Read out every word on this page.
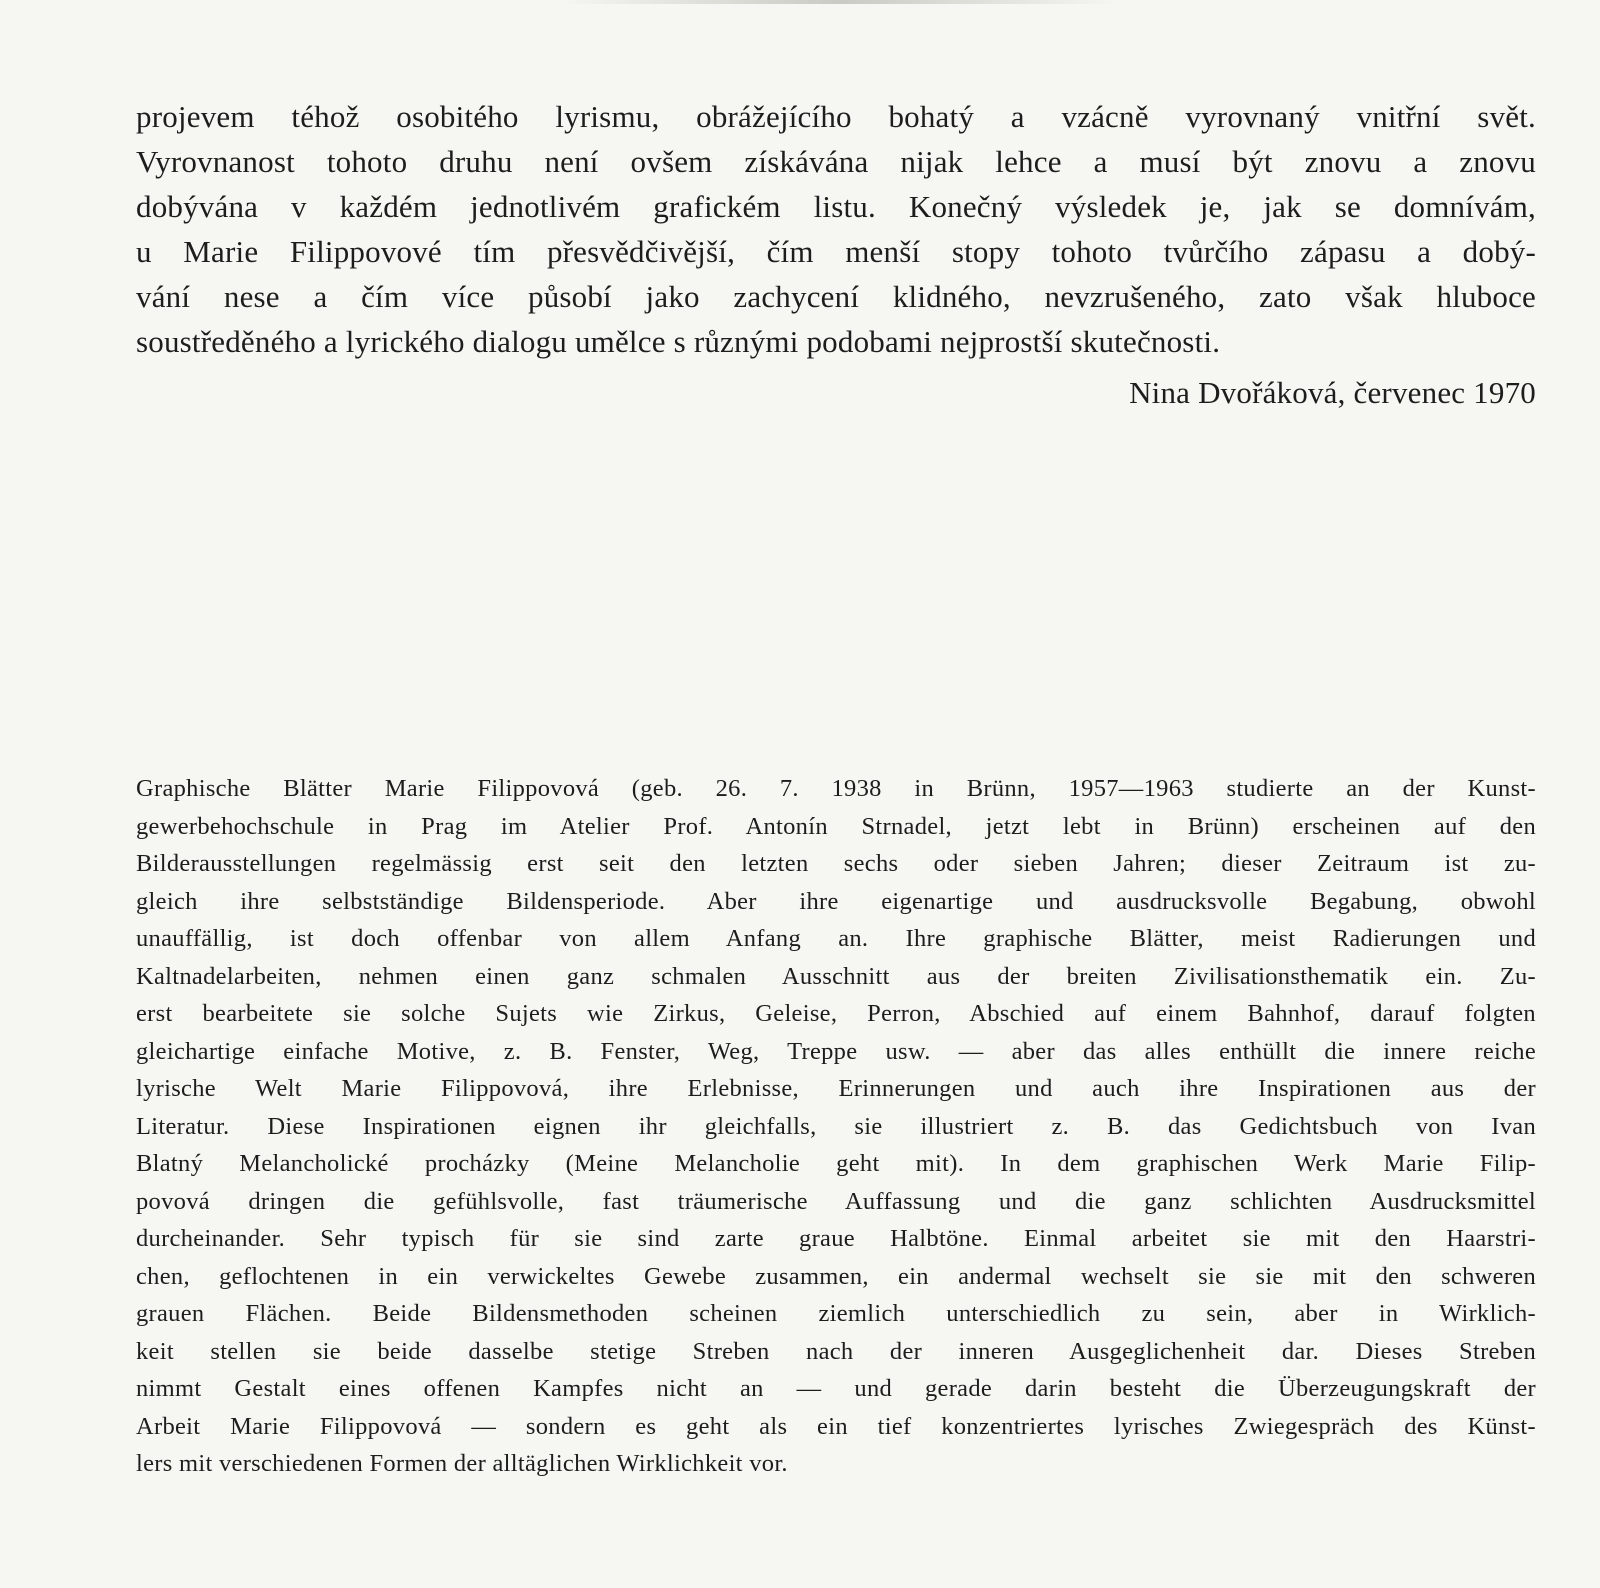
projevem téhož osobitého lyrismu, obrážejícího bohatý a vzácně vyrovnaný vnitřní svět.
Vyrovnanost tohoto druhu není ovšem získávána nijak lehce a musí být znovu a znovu
dobývána v každém jednotlivém grafickém listu. Konečný výsledek je, jak se domnívám,
u Marie Filippovové tím přesvědčivější, čím menší stopy tohoto tvůrčího zápasu a dobý-
vání nese a čím více působí jako zachycení klidného, nevzrušeného, zato však hluboce
soustředěného a lyrického dialogu umělce s různými podobami nejprostší skutečnosti.
Nina Dvořáková, červenec 1970
Graphische Blätter Marie Filippovová (geb. 26. 7. 1938 in Brünn, 1957—1963 studierte an der Kunst-
gewerbehochschule in Prag im Atelier Prof. Antonín Strnadel, jetzt lebt in Brünn) erscheinen auf den
Bilderausstellungen regelmässig erst seit den letzten sechs oder sieben Jahren; dieser Zeitraum ist zu-
gleich ihre selbstständige Bildensperiode. Aber ihre eigenartige und ausdrucksvolle Begabung, obwohl
unauffällig, ist doch offenbar von allem Anfang an. Ihre graphische Blätter, meist Radierungen und
Kaltnadelarbeiten, nehmen einen ganz schmalen Ausschnitt aus der breiten Zivilisationsthematik ein. Zu-
erst bearbeitete sie solche Sujets wie Zirkus, Geleise, Perron, Abschied auf einem Bahnhof, darauf folgten
gleichartige einfache Motive, z. B. Fenster, Weg, Treppe usw. — aber das alles enthüllt die innere reiche
lyrische Welt Marie Filippovová, ihre Erlebnisse, Erinnerungen und auch ihre Inspirationen aus der
Literatur. Diese Inspirationen eignen ihr gleichfalls, sie illustriert z. B. das Gedichtsbuch von Ivan
Blatný Melancholické procházky (Meine Melancholie geht mit). In dem graphischen Werk Marie Filip-
povová dringen die gefühlsvolle, fast träumerische Auffassung und die ganz schlichten Ausdrucksmittel
durcheinander. Sehr typisch für sie sind zarte graue Halbtöne. Einmal arbeitet sie mit den Haarstri-
chen, geflochtenen in ein verwickeltes Gewebe zusammen, ein andermal wechselt sie sie mit den schweren
grauen Flächen. Beide Bildensmethoden scheinen ziemlich unterschiedlich zu sein, aber in Wirklich-
keit stellen sie beide dasselbe stetige Streben nach der inneren Ausgeglichenheit dar. Dieses Streben
nimmt Gestalt eines offenen Kampfes nicht an — und gerade darin besteht die Überzeugungskraft der
Arbeit Marie Filippovová — sondern es geht als ein tief konzentriertes lyrisches Zwiegespräch des Künst-
lers mit verschiedenen Formen der alltäglichen Wirklichkeit vor.
